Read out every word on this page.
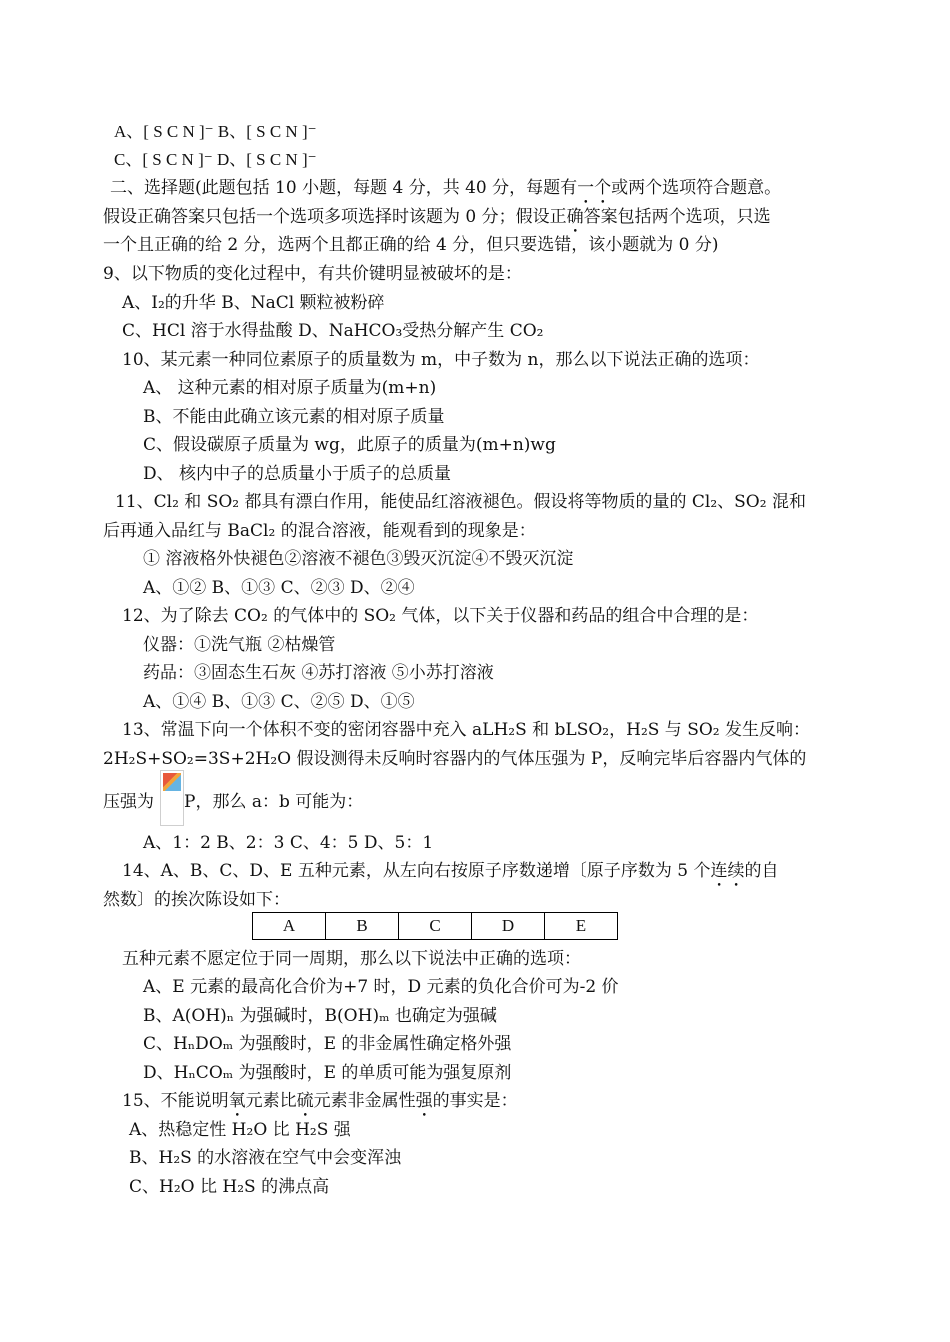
A、[ S C N ]⁻ B、[ S C N ]⁻
C、[ S C N ]⁻ D、[ S C N ]⁻
二、选择题(此题包括 10 小题，每题 4 分，共 40 分，每题有一个或两个选项符合题意。
假设正确答案只包括一个选项多项选择时该题为 0 分；假设正确答案包括两个选项，只选
一个且正确的给 2 分，选两个且都正确的给 4 分，但只要选错，该小题就为 0 分)
9、以下物质的变化过程中，有共价键明显被破坏的是：
A、I₂的升华 B、NaCl 颗粒被粉碎
C、HCl 溶于水得盐酸 D、NaHCO₃受热分解产生 CO₂
10、某元素一种同位素原子的质量数为 m，中子数为 n，那么以下说法正确的选项：
A、 这种元素的相对原子质量为(m+n)
B、不能由此确立该元素的相对原子质量
C、假设碳原子质量为 wg，此原子的质量为(m+n)wg
D、 核内中子的总质量小于质子的总质量
11、Cl₂ 和 SO₂ 都具有漂白作用，能使品红溶液褪色。假设将等物质的量的 Cl₂、SO₂ 混和
后再通入品红与 BaCl₂ 的混合溶液，能观看到的现象是：
① 溶液格外快褪色②溶液不褪色③毁灭沉淀④不毁灭沉淀
A、①② B、①③ C、②③ D、②④
12、为了除去 CO₂ 的气体中的 SO₂ 气体，以下关于仪器和药品的组合中合理的是：
仪器：①洗气瓶 ②枯燥管
药品：③固态生石灰 ④苏打溶液 ⑤小苏打溶液
A、①④ B、①③ C、②⑤ D、①⑤
13、常温下向一个体积不变的密闭容器中充入 aLH₂S 和 bLSO₂，H₂S 与 SO₂ 发生反响：
2H₂S+SO₂=3S+2H₂O 假设测得未反响时容器内的气体压强为 P，反响完毕后容器内气体的
压强为 P，那么 a：b 可能为：
A、1：2 B、2：3 C、4：5 D、5：1
14、A、B、C、D、E 五种元素，从左向右按原子序数递增〔原子序数为 5 个连续的自
然数〕的挨次陈设如下：
A	B	C	D	E
五种元素不愿定位于同一周期，那么以下说法中正确的选项：
A、E 元素的最高化合价为+7 时，D 元素的负化合价可为-2 价
B、A(OH)ₙ 为强碱时，B(OH)ₘ 也确定为强碱
C、HₙDOₘ 为强酸时，E 的非金属性确定格外强
D、HₙCOₘ 为强酸时，E 的单质可能为强复原剂
15、不能说明氧元素比硫元素非金属性强的事实是：
A、热稳定性 H₂O 比 H₂S 强
B、H₂S 的水溶液在空气中会变浑浊
C、H₂O 比 H₂S 的沸点高
